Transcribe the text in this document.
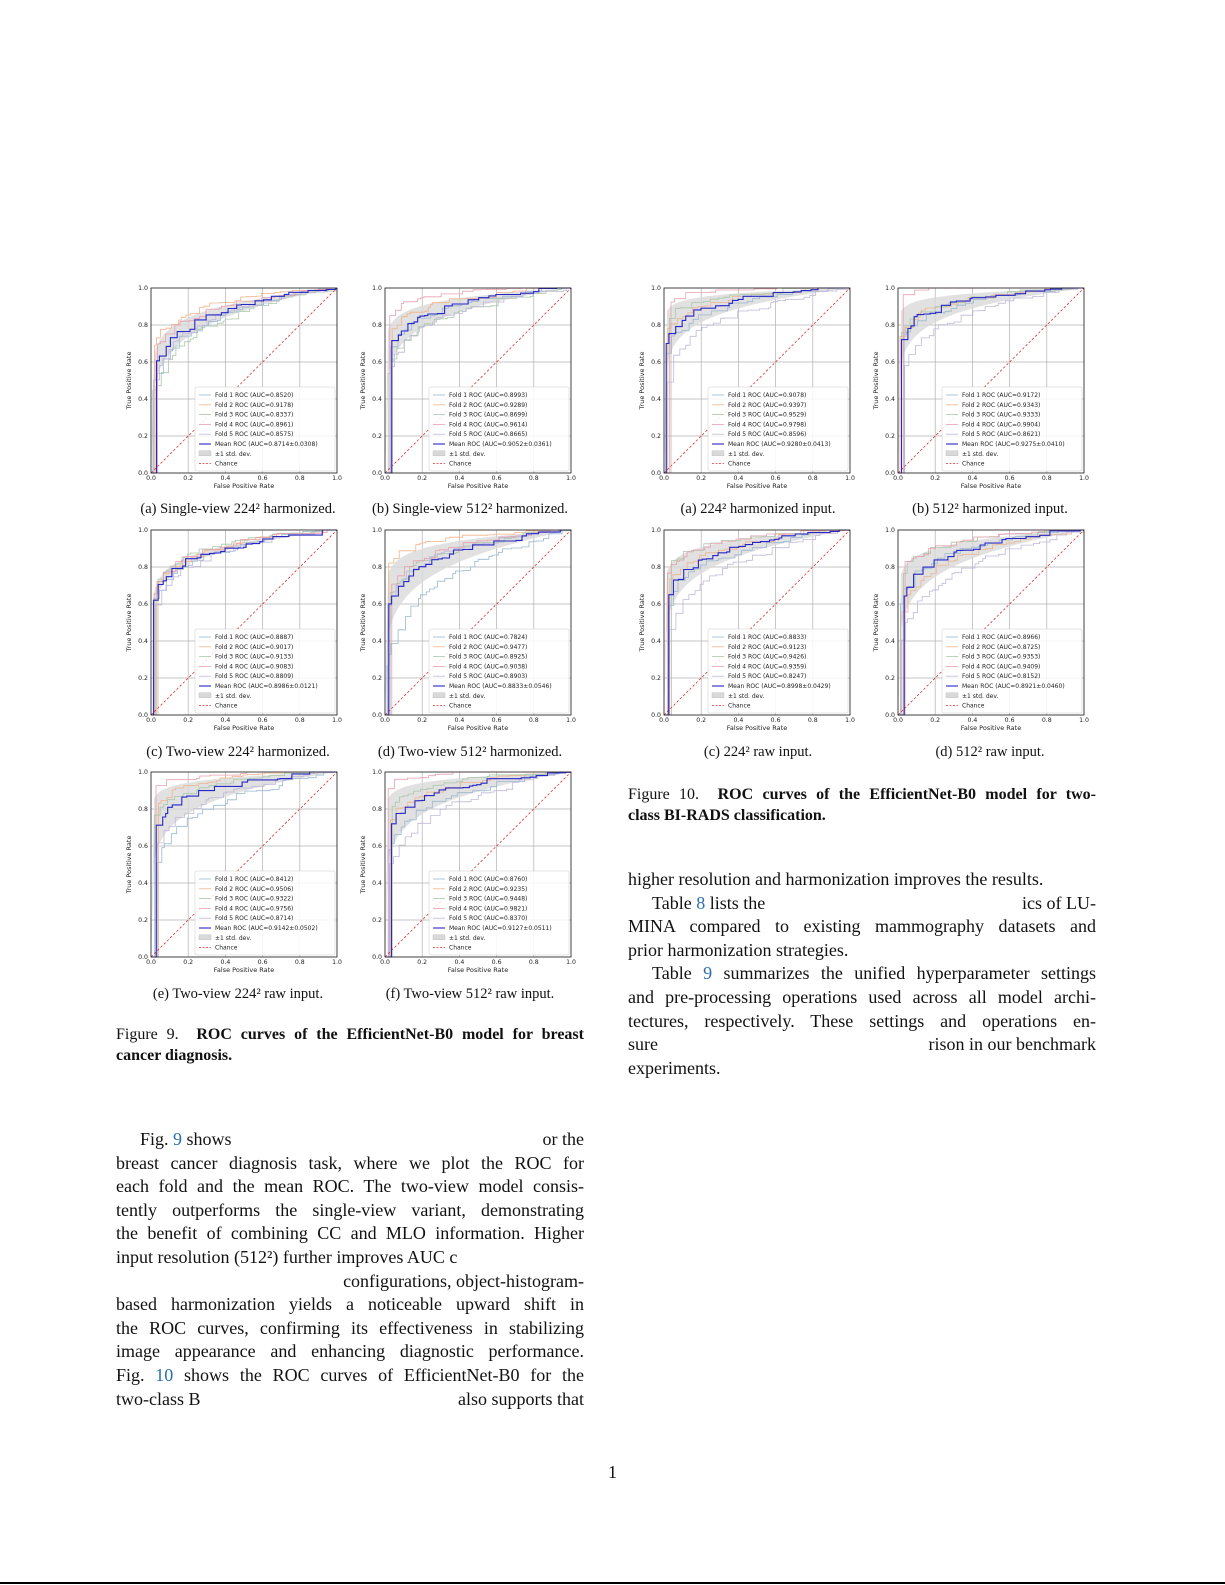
0.0
0.0
0.2
0.2
0.4
0.4
0.6
0.6
0.8
0.8
1.0
1.0
False Positive Rate
True Positive Rate	Fold 1 ROC (AUC=0.8520)
Fold 2 ROC (AUC=0.9178)
Fold 3 ROC (AUC=0.8337)
Fold 4 ROC (AUC=0.8961)
Fold 5 ROC (AUC=0.8575)
Mean ROC (AUC=0.8714±0.0308)
±1 std. dev.
Chance
0.0
0.0
0.2
0.2
0.4
0.4
0.6
0.6
0.8
0.8
1.0
1.0
False Positive Rate
True Positive Rate	Fold 1 ROC (AUC=0.8993)
Fold 2 ROC (AUC=0.9289)
Fold 3 ROC (AUC=0.8699)
Fold 4 ROC (AUC=0.9614)
Fold 5 ROC (AUC=0.8665)
Mean ROC (AUC=0.9052±0.0361)
±1 std. dev.
Chance
0.0
0.0
0.2
0.2
0.4
0.4
0.6
0.6
0.8
0.8
1.0
1.0
False Positive Rate
True Positive Rate	Fold 1 ROC (AUC=0.8887)
Fold 2 ROC (AUC=0.9017)
Fold 3 ROC (AUC=0.9133)
Fold 4 ROC (AUC=0.9083)
Fold 5 ROC (AUC=0.8809)
Mean ROC (AUC=0.8986±0.0121)
±1 std. dev.
Chance
0.0
0.0
0.2
0.2
0.4
0.4
0.6
0.6
0.8
0.8
1.0
1.0
False Positive Rate
True Positive Rate	Fold 1 ROC (AUC=0.7824)
Fold 2 ROC (AUC=0.9477)
Fold 3 ROC (AUC=0.8925)
Fold 4 ROC (AUC=0.9038)
Fold 5 ROC (AUC=0.8903)
Mean ROC (AUC=0.8833±0.0546)
±1 std. dev.
Chance
0.0
0.0
0.2
0.2
0.4
0.4
0.6
0.6
0.8
0.8
1.0
1.0
False Positive Rate
True Positive Rate	Fold 1 ROC (AUC=0.8412)
Fold 2 ROC (AUC=0.9506)
Fold 3 ROC (AUC=0.9322)
Fold 4 ROC (AUC=0.9756)
Fold 5 ROC (AUC=0.8714)
Mean ROC (AUC=0.9142±0.0502)
±1 std. dev.
Chance
0.0
0.0
0.2
0.2
0.4
0.4
0.6
0.6
0.8
0.8
1.0
1.0
False Positive Rate
True Positive Rate	Fold 1 ROC (AUC=0.8760)
Fold 2 ROC (AUC=0.9235)
Fold 3 ROC (AUC=0.9448)
Fold 4 ROC (AUC=0.9821)
Fold 5 ROC (AUC=0.8370)
Mean ROC (AUC=0.9127±0.0511)
±1 std. dev.
Chance
(a) Single-view 224² harmonized.	(b) Single-view 512² harmonized.
(c) Two-view 224² harmonized.	(d) Two-view 512² harmonized.
(e) Two-view 224² raw input.	(f) Two-view 512² raw input.
Figure 9. ROC curves of the EfficientNet-B0 model for breast
cancer diagnosis.
0.0
0.0
0.2
0.2
0.4
0.4
0.6
0.6
0.8
0.8
1.0
1.0
False Positive Rate
True Positive Rate	Fold 1 ROC (AUC=0.9078)
Fold 2 ROC (AUC=0.9397)
Fold 3 ROC (AUC=0.9529)
Fold 4 ROC (AUC=0.9798)
Fold 5 ROC (AUC=0.8596)
Mean ROC (AUC=0.9280±0.0413)
±1 std. dev.
Chance
0.0
0.0
0.2
0.2
0.4
0.4
0.6
0.6
0.8
0.8
1.0
1.0
False Positive Rate
True Positive Rate	Fold 1 ROC (AUC=0.9172)
Fold 2 ROC (AUC=0.9343)
Fold 3 ROC (AUC=0.9333)
Fold 4 ROC (AUC=0.9904)
Fold 5 ROC (AUC=0.8621)
Mean ROC (AUC=0.9275±0.0410)
±1 std. dev.
Chance
0.0
0.0
0.2
0.2
0.4
0.4
0.6
0.6
0.8
0.8
1.0
1.0
False Positive Rate
True Positive Rate	Fold 1 ROC (AUC=0.8833)
Fold 2 ROC (AUC=0.9123)
Fold 3 ROC (AUC=0.9426)
Fold 4 ROC (AUC=0.9359)
Fold 5 ROC (AUC=0.8247)
Mean ROC (AUC=0.8998±0.0429)
±1 std. dev.
Chance
0.0
0.0
0.2
0.2
0.4
0.4
0.6
0.6
0.8
0.8
1.0
1.0
False Positive Rate
True Positive Rate	Fold 1 ROC (AUC=0.8966)
Fold 2 ROC (AUC=0.8725)
Fold 3 ROC (AUC=0.9353)
Fold 4 ROC (AUC=0.9409)
Fold 5 ROC (AUC=0.8152)
Mean ROC (AUC=0.8921±0.0460)
±1 std. dev.
Chance
(a) 224² harmonized input.	(b) 512² harmonized input.
(c) 224² raw input.	(d) 512² raw input.
Figure 10. ROC curves of the EfficientNet-B0 model for two-
class BI-RADS classification.
higher resolution and harmonization improves the results.
Table 8 lists the	ics of LU-
MINA compared to existing mammography datasets and
prior harmonization strategies.
Table 9 summarizes the unified hyperparameter settings
and pre-processing operations used across all model archi-
tectures, respectively. These settings and operations en-
sure	rison in our benchmark
experiments.
Fig. 9 shows	or the
breast cancer diagnosis task, where we plot the ROC for
each fold and the mean ROC. The two-view model consis-
tently outperforms the single-view variant, demonstrating
the benefit of combining CC and MLO information. Higher
input resolution (512²) further improves AUC c
configurations, object-histogram-
based harmonization yields a noticeable upward shift in
the ROC curves, confirming its effectiveness in stabilizing
image appearance and enhancing diagnostic performance.
Fig. 10 shows the ROC curves of EfficientNet-B0 for the
two-class B	also supports that
1
